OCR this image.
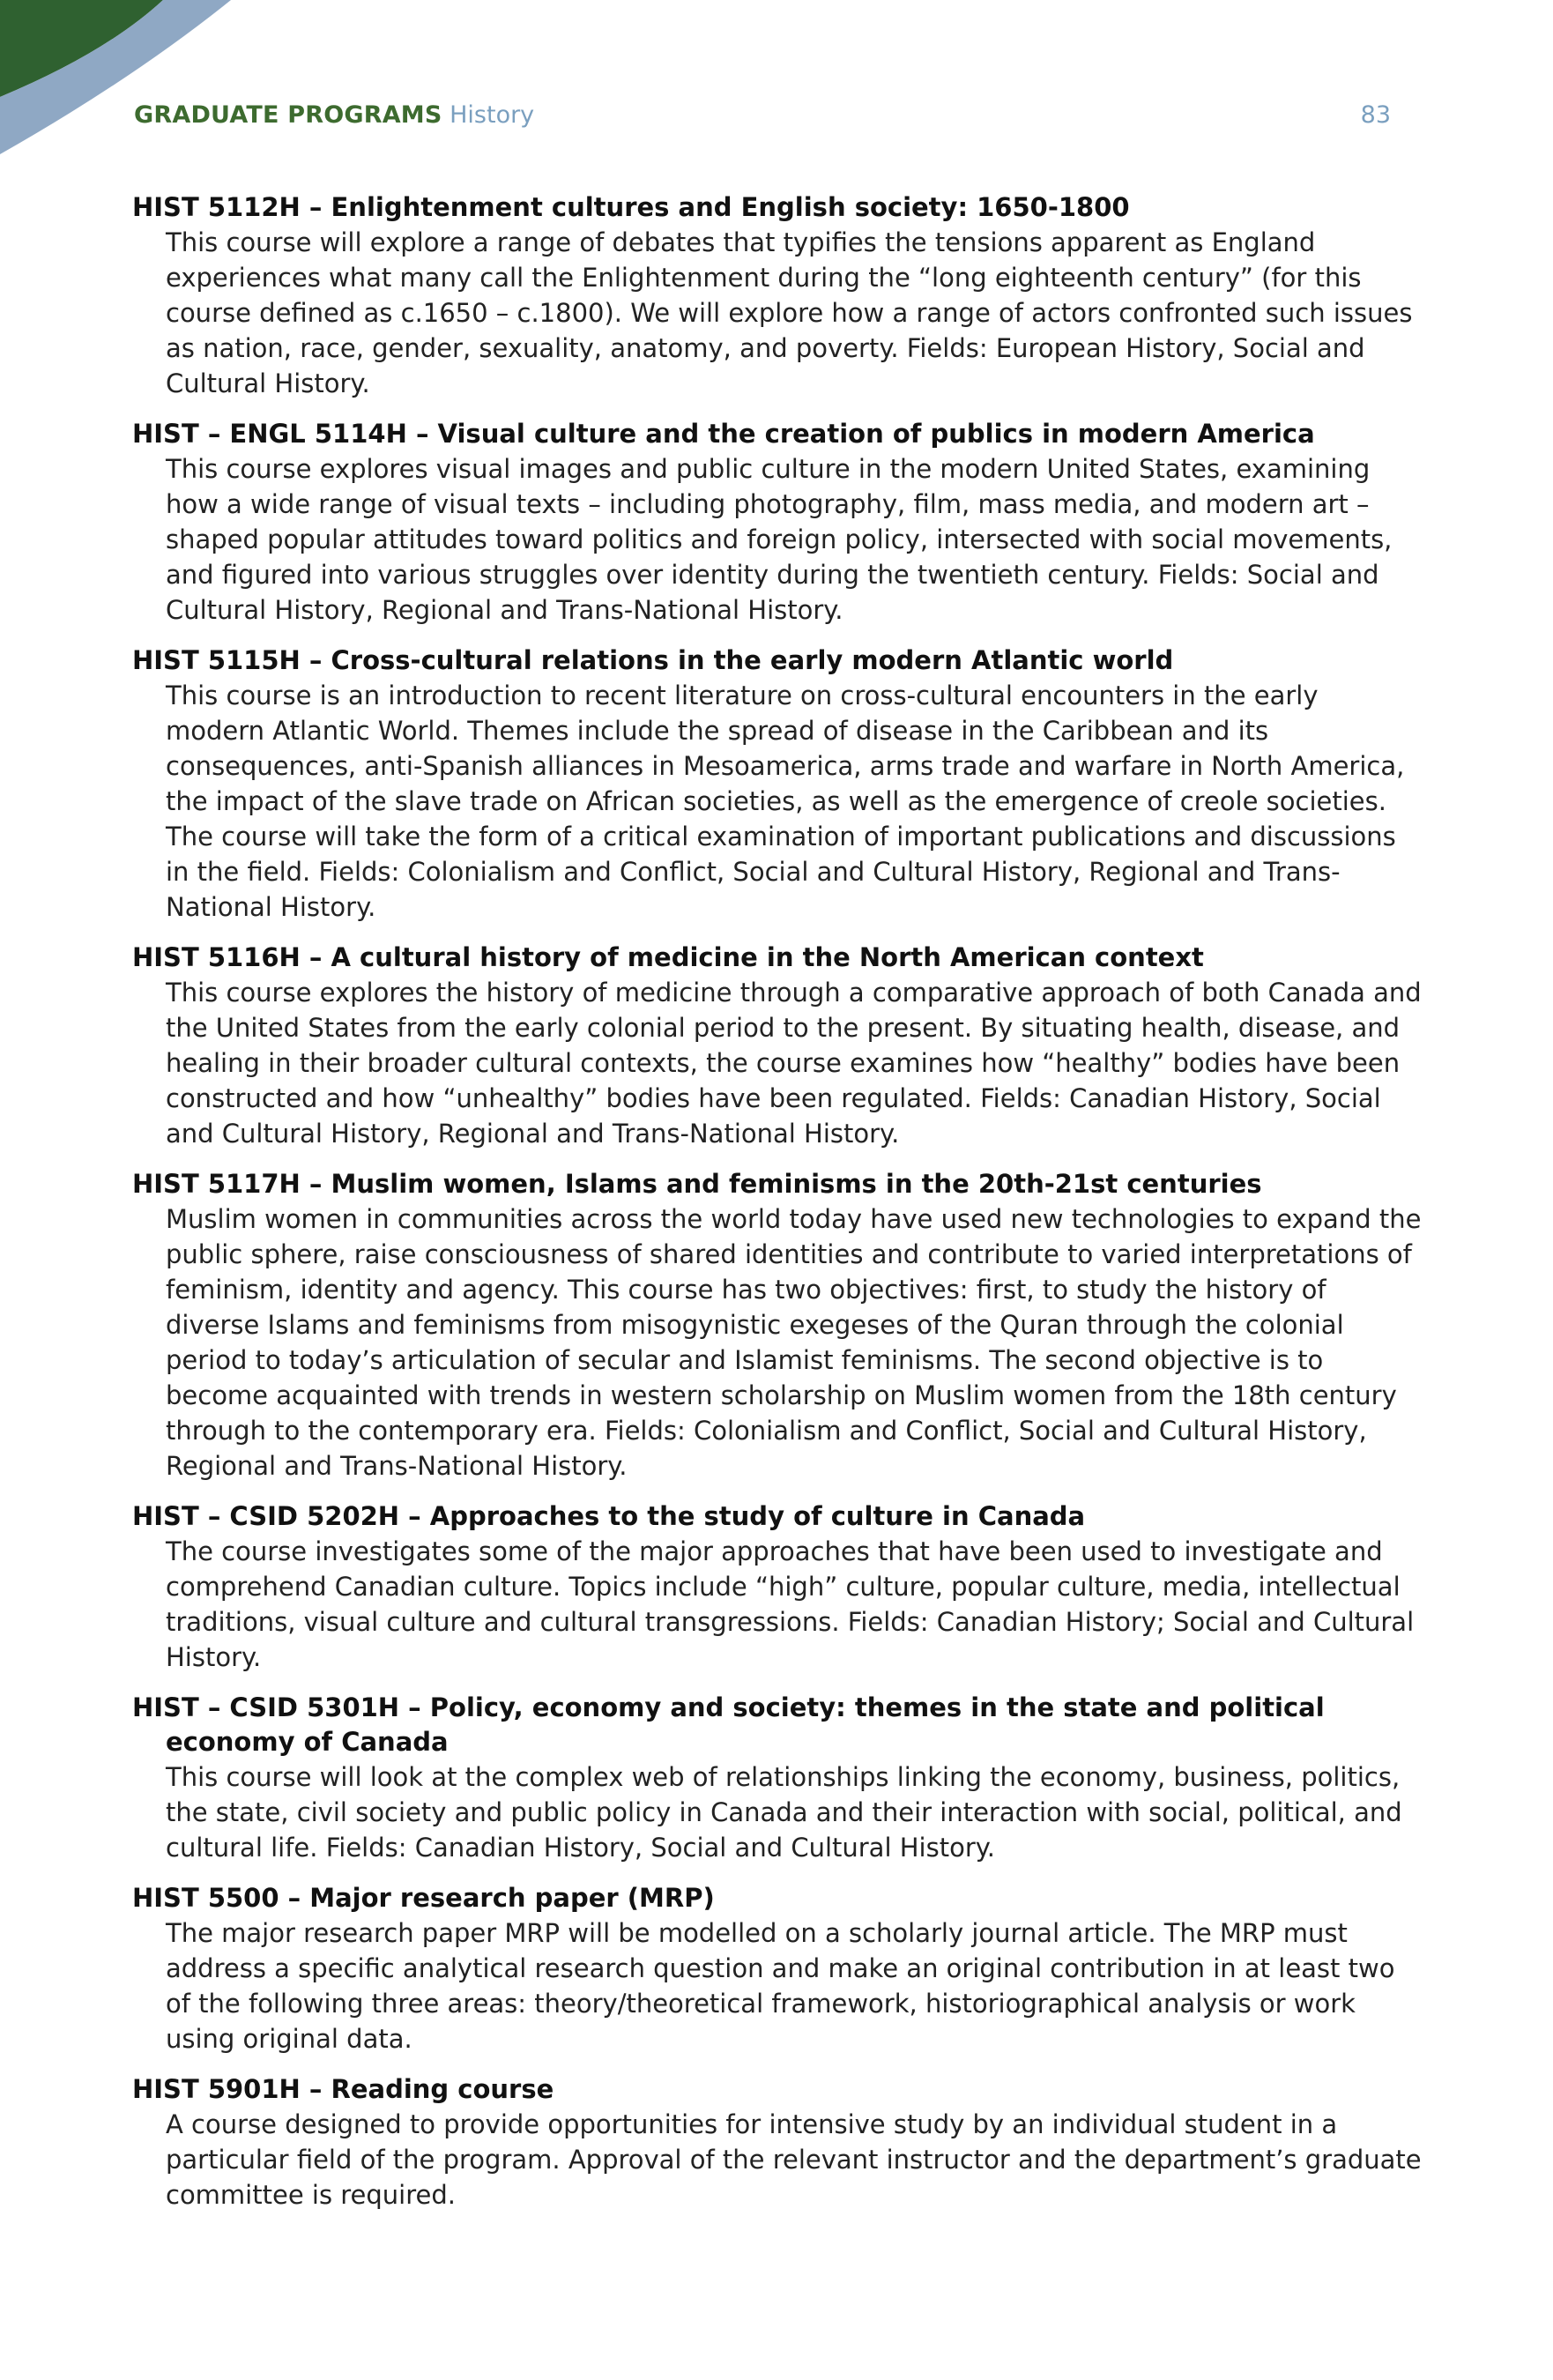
GRADUATE PROGRAMS History	83
HIST 5112H – Enlightenment cultures and English society: 1650-1800
This course will explore a range of debates that typifies the tensions apparent as England experiences what many call the Enlightenment during the “long eighteenth century” (for this course defined as c.1650 – c.1800). We will explore how a range of actors confronted such issues as nation, race, gender, sexuality, anatomy, and poverty. Fields: European History, Social and Cultural History.
HIST – ENGL 5114H – Visual culture and the creation of publics in modern America
This course explores visual images and public culture in the modern United States, examining how a wide range of visual texts – including photography, film, mass media, and modern art – shaped popular attitudes toward politics and foreign policy, intersected with social movements, and figured into various struggles over identity during the twentieth century. Fields: Social and Cultural History, Regional and Trans-National History.
HIST 5115H – Cross-cultural relations in the early modern Atlantic world
This course is an introduction to recent literature on cross-cultural encounters in the early modern Atlantic World. Themes include the spread of disease in the Caribbean and its consequences, anti-Spanish alliances in Mesoamerica, arms trade and warfare in North America, the impact of the slave trade on African societies, as well as the emergence of creole societies. The course will take the form of a critical examination of important publications and discussions in the field. Fields: Colonialism and Conflict, Social and Cultural History, Regional and Trans-National History.
HIST 5116H – A cultural history of medicine in the North American context
This course explores the history of medicine through a comparative approach of both Canada and the United States from the early colonial period to the present. By situating health, disease, and healing in their broader cultural contexts, the course examines how “healthy” bodies have been constructed and how “unhealthy” bodies have been regulated. Fields: Canadian History, Social and Cultural History, Regional and Trans-National History.
HIST 5117H – Muslim women, Islams and feminisms in the 20th-21st centuries
Muslim women in communities across the world today have used new technologies to expand the public sphere, raise consciousness of shared identities and contribute to varied interpretations of feminism, identity and agency. This course has two objectives: first, to study the history of diverse Islams and feminisms from misogynistic exegeses of the Quran through the colonial period to today’s articulation of secular and Islamist feminisms. The second objective is to become acquainted with trends in western scholarship on Muslim women from the 18th century through to the contemporary era. Fields: Colonialism and Conflict, Social and Cultural History, Regional and Trans-National History.
HIST – CSID 5202H – Approaches to the study of culture in Canada
The course investigates some of the major approaches that have been used to investigate and comprehend Canadian culture. Topics include “high” culture, popular culture, media, intellectual traditions, visual culture and cultural transgressions. Fields: Canadian History; Social and Cultural History.
HIST – CSID 5301H – Policy, economy and society: themes in the state and political economy of Canada
This course will look at the complex web of relationships linking the economy, business, politics, the state, civil society and public policy in Canada and their interaction with social, political, and cultural life. Fields: Canadian History, Social and Cultural History.
HIST 5500 – Major research paper (MRP)
The major research paper MRP will be modelled on a scholarly journal article. The MRP must address a specific analytical research question and make an original contribution in at least two of the following three areas: theory/theoretical framework, historiographical analysis or work using original data.
HIST 5901H – Reading course
A course designed to provide opportunities for intensive study by an individual student in a particular field of the program. Approval of the relevant instructor and the department’s graduate committee is required.
